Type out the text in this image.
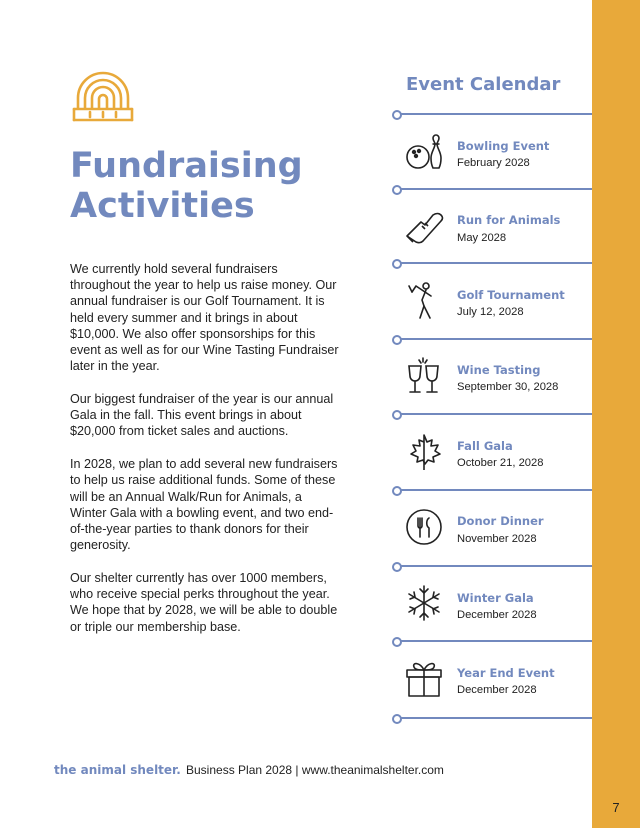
7
Fundraising
Activities

We currently hold several fundraisers throughout the year to help us raise money. Our annual fundraiser is our Golf Tournament. It is held every summer and it brings in about $10,000. We also offer sponsorships for this event as well as for our Wine Tasting Fundraiser later in the year.

Our biggest fundraiser of the year is our annual Gala in the fall. This event brings in about $20,000 from ticket sales and auctions.

In 2028, we plan to add several new fundraisers to help us raise additional funds. Some of these will be an Annual Walk/Run for Animals, a Winter Gala with a bowling event, and two end-of-the-year parties to thank donors for their generosity.

Our shelter currently has over 1000 members, who receive special perks throughout the year. We hope that by 2028, we will be able to double or triple our membership base.

Event Calendar
Bowling Event
February 2028
Run for Animals
May 2028
Golf Tournament
July 12, 2028
Wine Tasting
September 30, 2028
Fall Gala
October 21, 2028
Donor Dinner
November 2028
Winter Gala
December 2028
Year End Event
December 2028
the animal shelter. Business Plan 2028 | www.theanimalshelter.com
